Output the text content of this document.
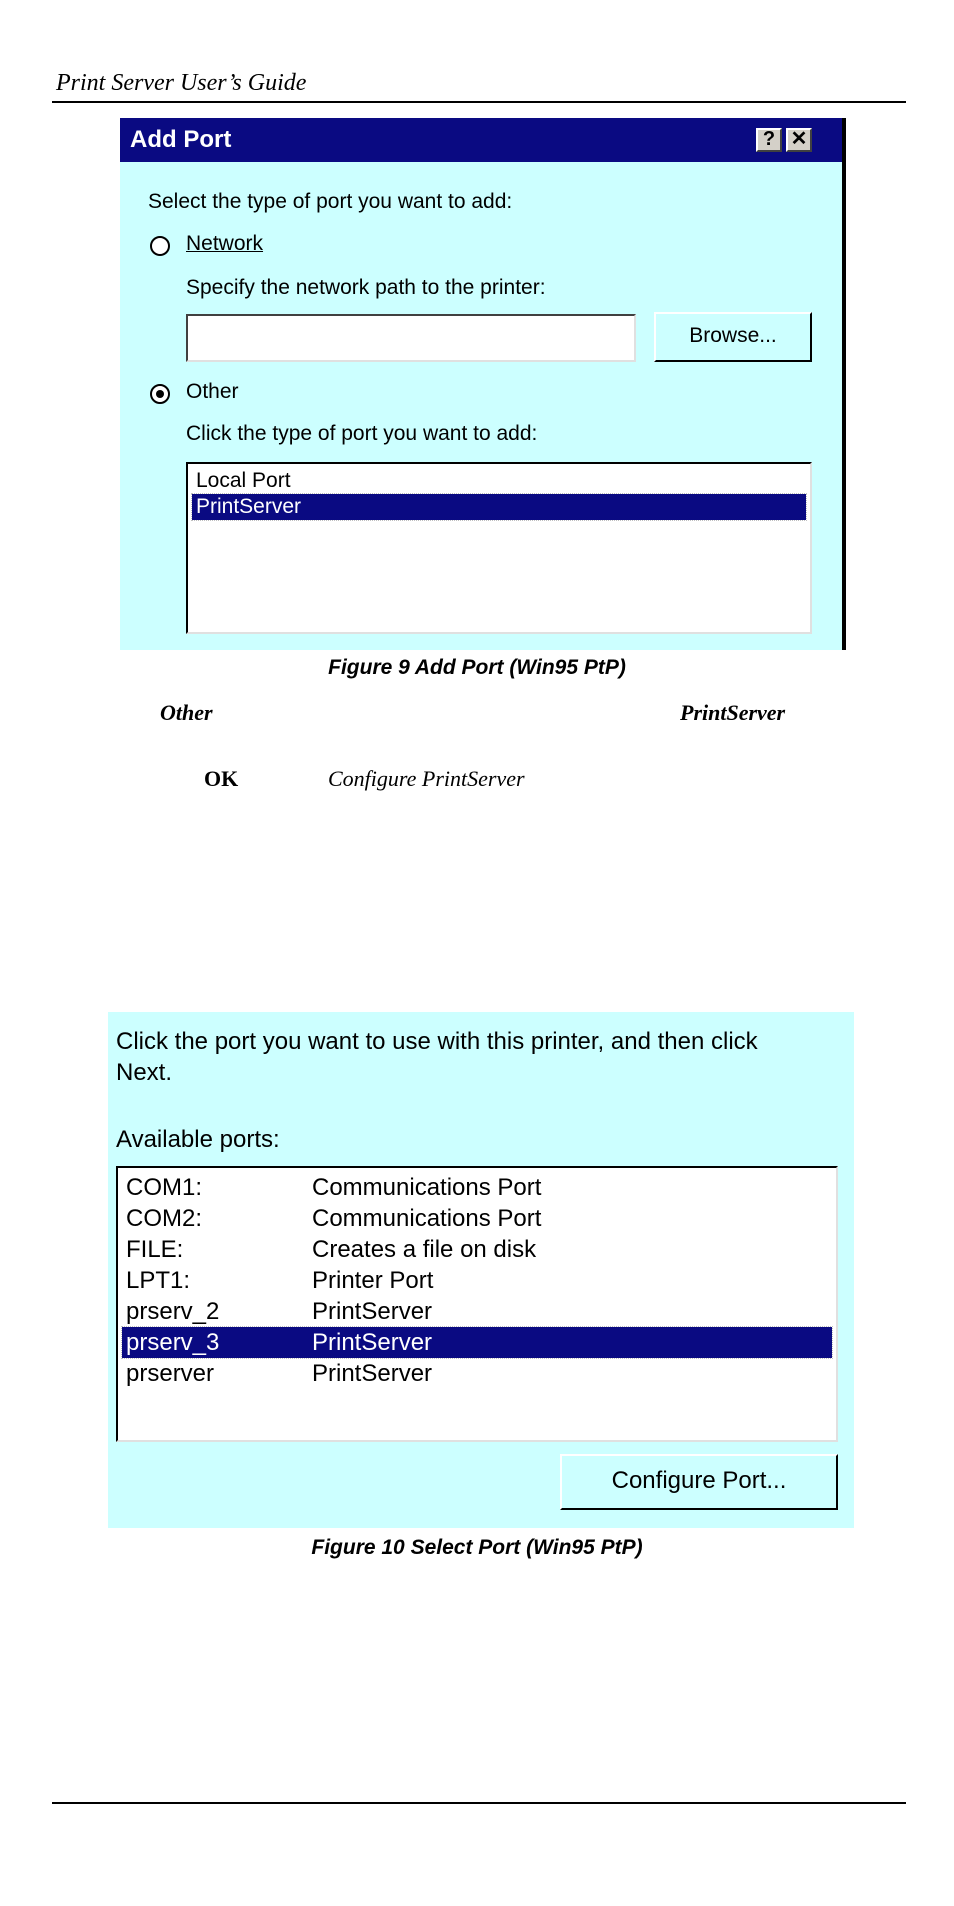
Print Server User’s Guide
Add Port	? ✕
Select the type of port you want to add:
Network
Specify the network path to the printer:
Browse...
Other
Click the type of port you want to add:
Local Port
PrintServer
Figure 9 Add Port (Win95 PtP)
Other	PrintServer
OK	Configure PrintServer
Click the port you want to use with this printer, and then click Next.
Available ports:
COM1:	Communications Port
COM2:	Communications Port
FILE:	Creates a file on disk
LPT1:	Printer Port
prserv_2	PrintServer
prserv_3	PrintServer
prserver	PrintServer
Configure Port...
Figure 10 Select Port (Win95 PtP)
